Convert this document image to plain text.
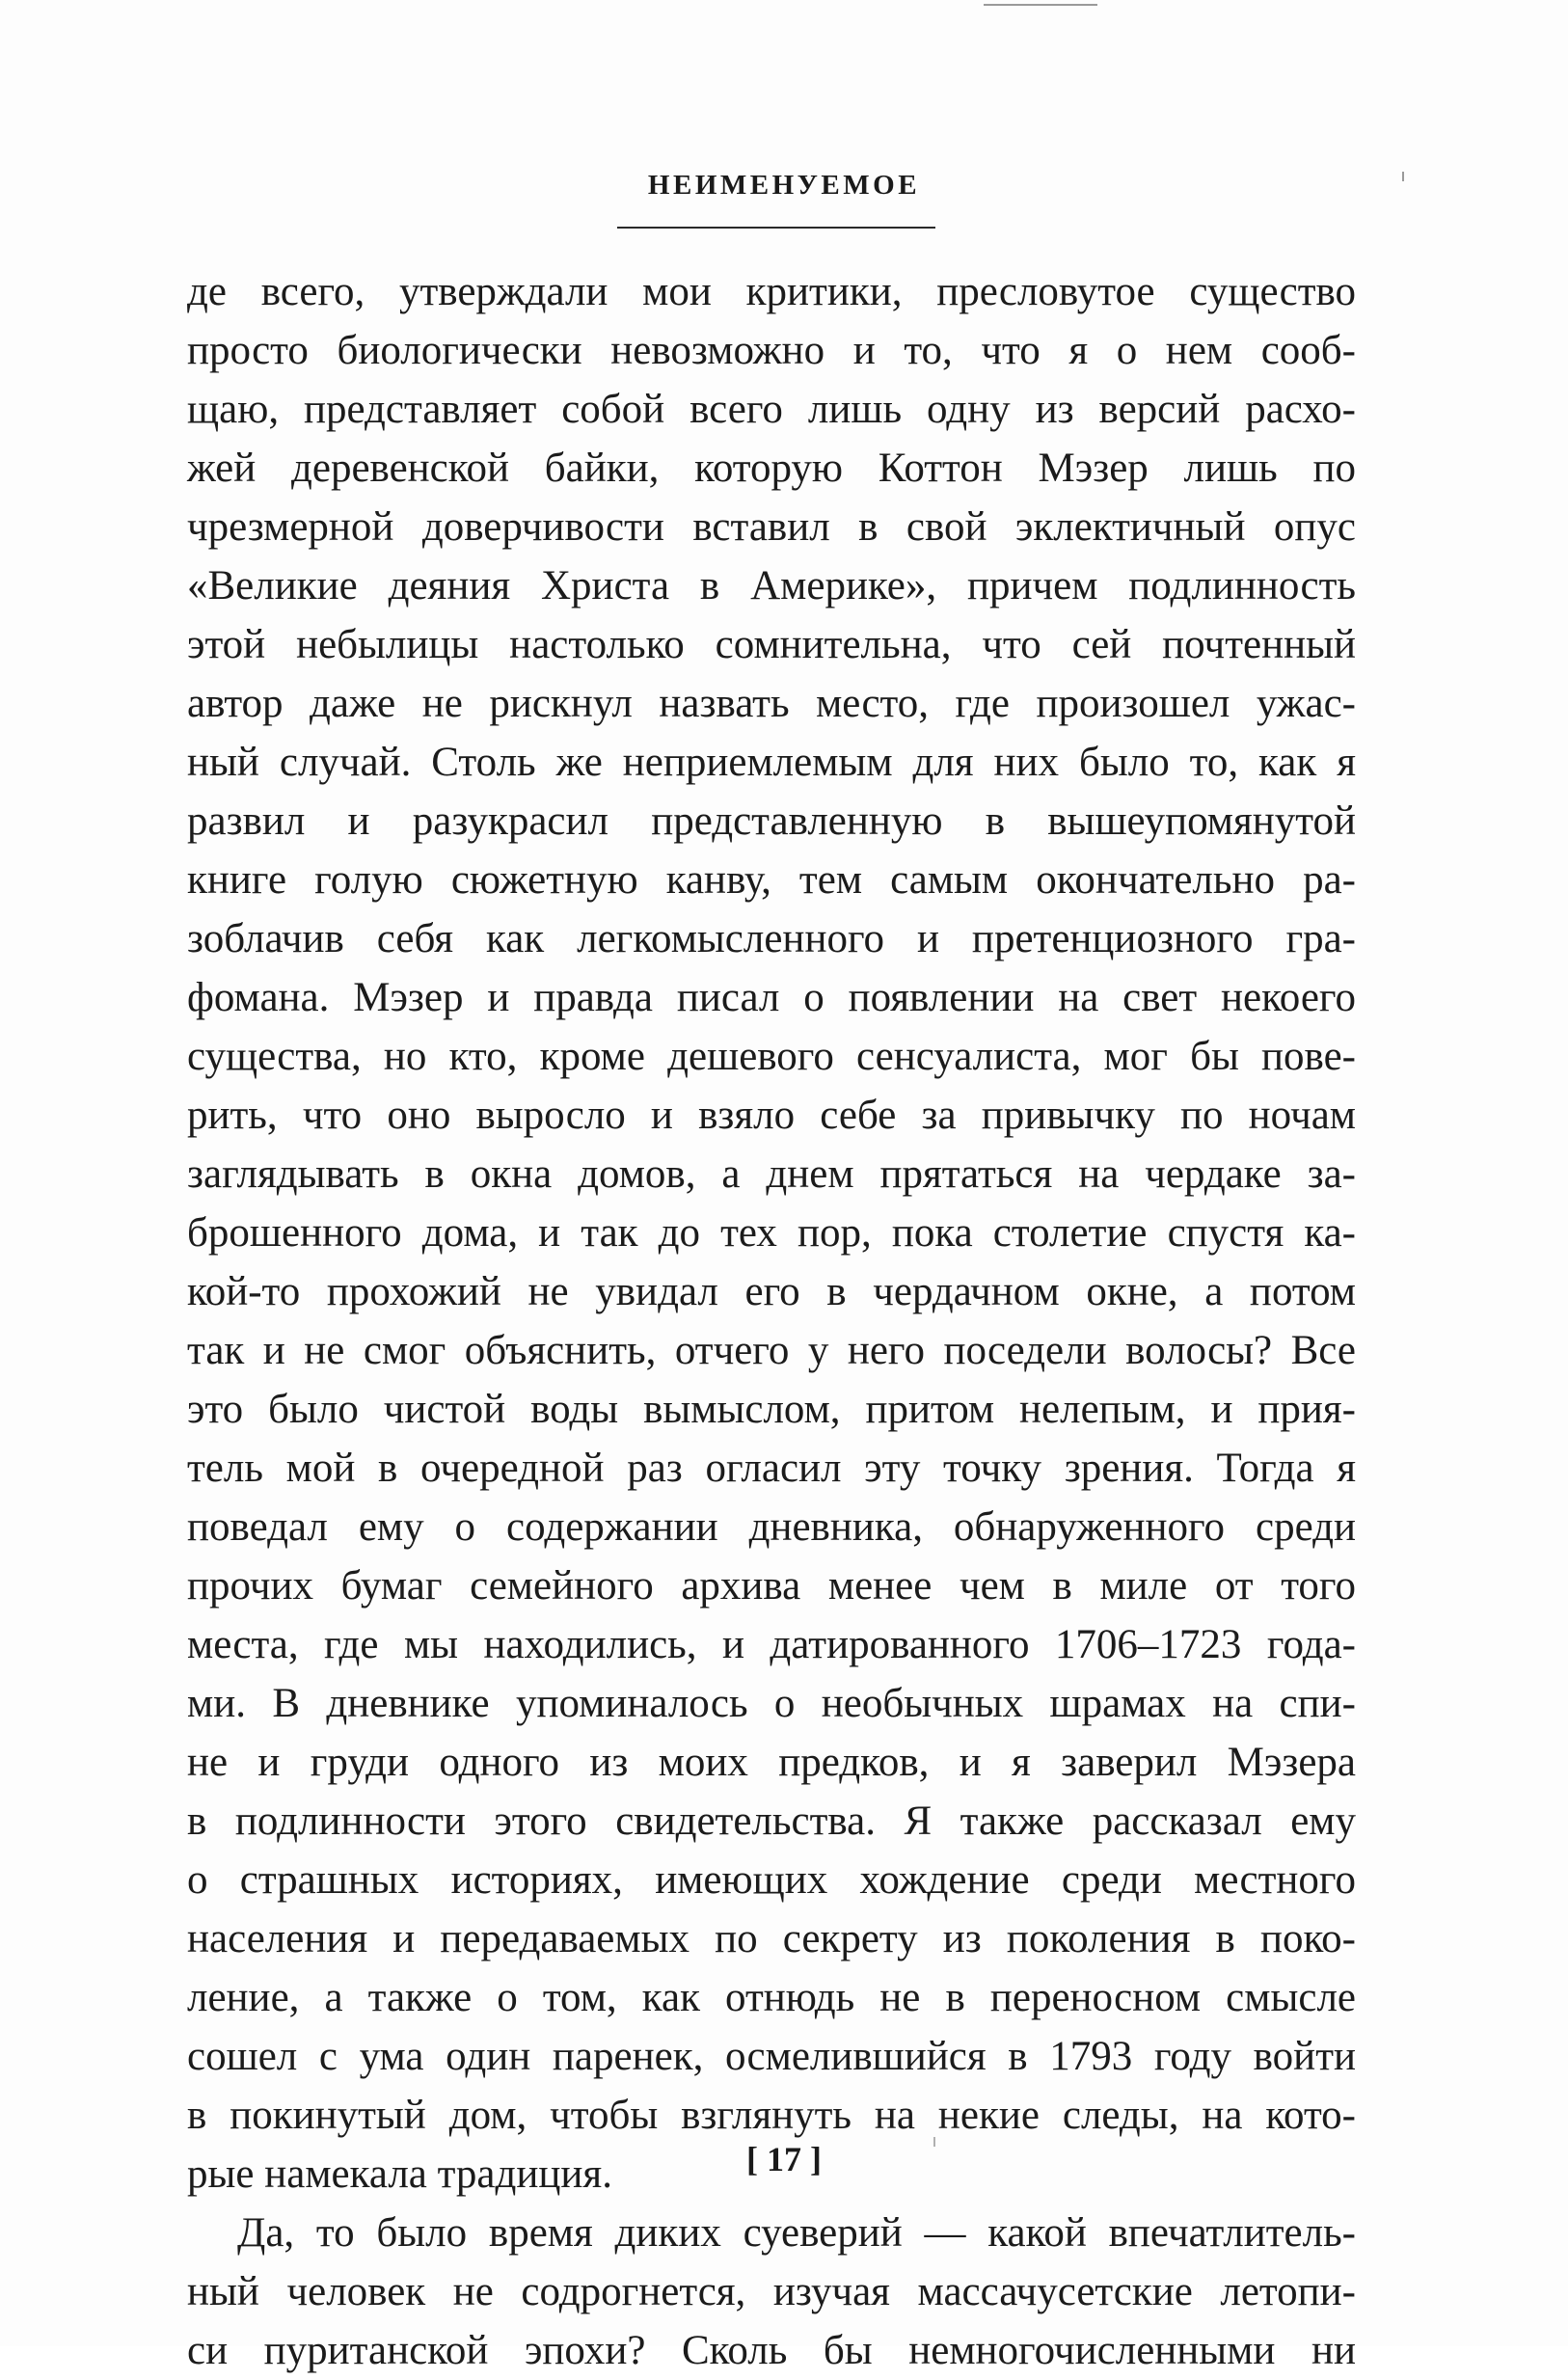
НЕИМЕНУЕМОЕ
де всего, утверждали мои критики, пресловутое существо
просто биологически невозможно и то, что я о нем сооб-
щаю, представляет собой всего лишь одну из версий расхо-
жей деревенской байки, которую Коттон Мэзер лишь по
чрезмерной доверчивости вставил в свой эклектичный опус
«Великие деяния Христа в Америке», причем подлинность
этой небылицы настолько сомнительна, что сей почтенный
автор даже не рискнул назвать место, где произошел ужас-
ный случай. Столь же неприемлемым для них было то, как я
развил и разукрасил представленную в вышеупомянутой
книге голую сюжетную канву, тем самым окончательно ра-
зоблачив себя как легкомысленного и претенциозного гра-
фомана. Мэзер и правда писал о появлении на свет некоего
существа, но кто, кроме дешевого сенсуалиста, мог бы пове-
рить, что оно выросло и взяло себе за привычку по ночам
заглядывать в окна домов, а днем прятаться на чердаке за-
брошенного дома, и так до тех пор, пока столетие спустя ка-
кой-то прохожий не увидал его в чердачном окне, а потом
так и не смог объяснить, отчего у него поседели волосы? Все
это было чистой воды вымыслом, притом нелепым, и прия-
тель мой в очередной раз огласил эту точку зрения. Тогда я
поведал ему о содержании дневника, обнаруженного среди
прочих бумаг семейного архива менее чем в миле от того
места, где мы находились, и датированного 1706–1723 года-
ми. В дневнике упоминалось о необычных шрамах на спи-
не и груди одного из моих предков, и я заверил Мэзера
в подлинности этого свидетельства. Я также рассказал ему
о страшных историях, имеющих хождение среди местного
населения и передаваемых по секрету из поколения в поко-
ление, а также о том, как отнюдь не в переносном смысле
сошел с ума один паренек, осмелившийся в 1793 году войти
в покинутый дом, чтобы взглянуть на некие следы, на кото-
рые намекала традиция.
Да, то было время диких суеверий — какой впечатлитель-
ный человек не содрогнется, изучая массачусетские летопи-
си пуританской эпохи? Сколь бы немногочисленными ни
[ 17 ]
